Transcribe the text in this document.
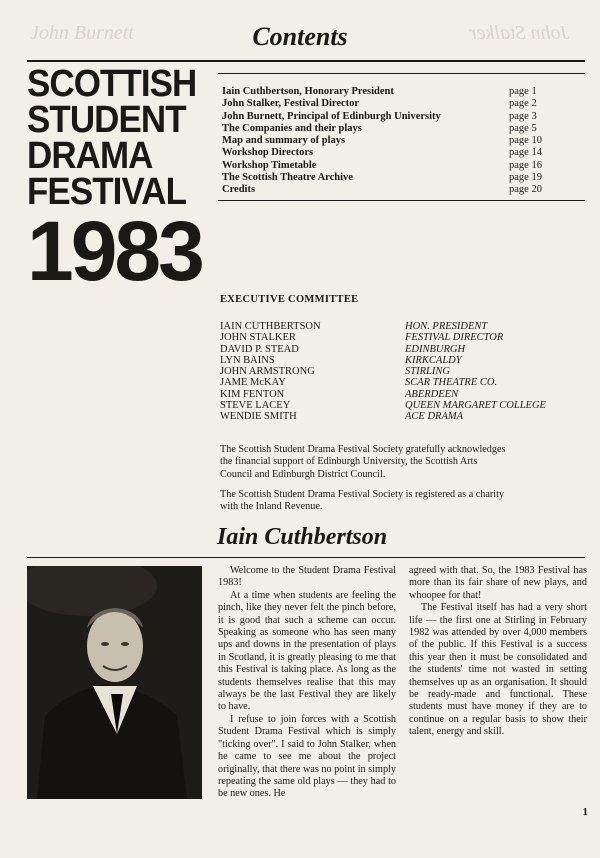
John Burnett	John Stalker
Contents
SCOTTISH
STUDENT
DRAMA
FESTIVAL
1983
Iain Cuthbertson, Honorary President	page 1
John Stalker, Festival Director	page 2
John Burnett, Principal of Edinburgh University	page 3
The Companies and their plays	page 5
Map and summary of plays	page 10
Workshop Directors	page 14
Workshop Timetable	page 16
The Scottish Theatre Archive	page 19
Credits	page 20
EXECUTIVE COMMITTEE
IAIN CUTHBERTSON	HON. PRESIDENT
JOHN STALKER	FESTIVAL DIRECTOR
DAVID P. STEAD	EDINBURGH
LYN BAINS	KIRKCALDY
JOHN ARMSTRONG	STIRLING
JAME McKAY	SCAR THEATRE CO.
KIM FENTON	ABERDEEN
STEVE LACEY	QUEEN MARGARET COLLEGE
WENDIE SMITH	ACE DRAMA
The Scottish Student Drama Festival Society gratefully acknowledges the financial support of Edinburgh University, the Scottish Arts Council and Edinburgh District Council.
The Scottish Student Drama Festival Society is registered as a charity with the Inland Revenue.
Iain Cuthbertson

Welcome to the Student Drama Festival 1983!

At a time when students are feeling the pinch, like they never felt the pinch before, it is good that such a scheme can occur. Speaking as someone who has seen many ups and downs in the presentation of plays in Scotland, it is greatly pleasing to me that this Festival is taking place. As long as the students themselves realise that this may always be the last Festival they are likely to have.

I refuse to join forces with a Scottish Student Drama Festival which is simply "ticking over". I said to John Stalker, when he came to see me about the project originally, that there was no point in simply repeating the same old plays — they had to be new ones. He

agreed with that. So, the 1983 Festival has more than its fair share of new plays, and whoopee for that!

The Festival itself has had a very short life — the first one at Stirling in February 1982 was attended by over 4,000 members of the public. If this Festival is a success this year then it must be consolidated and the students' time not wasted in setting themselves up as an organisation. It should be ready-made and functional. These students must have money if they are to continue on a regular basis to show their talent, energy and skill.

1
